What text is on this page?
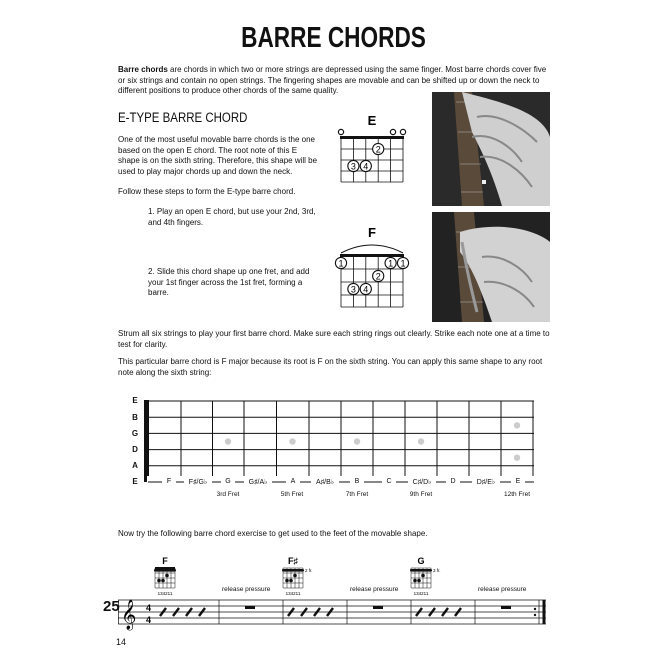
BARRE CHORDS
Barre chords are chords in which two or more strings are depressed using the same finger. Most barre chords cover five or six strings and contain no open strings. The fingering shapes are movable and can be shifted up or down the neck to different positions to produce other chords of the same quality.
E-TYPE BARRE CHORD
One of the most useful movable barre chords is the one based on the open E chord. The root note of this E shape is on the sixth string. Therefore, this shape will be used to play major chords up and down the neck.
Follow these steps to form the E-type barre chord.
1. Play an open E chord, but use your 2nd, 3rd, and 4th fingers.
2. Slide this chord shape up one fret, and add your 1st finger across the 1st fret, forming a barre.
E
2
3 4
F
1	1 1
2
3 4
Strum all six strings to play your first barre chord. Make sure each string rings out clearly. Strike each note one at a time to test for clarity.
This particular barre chord is F major because its root is F on the sixth string. You can apply this same shape to any root note along the sixth string:
E
B
G
D
A
E	F	F♯/G♭	G	G♯/A♭	A	A♯/B♭	B	C	C♯/D♭	D	D♯/E♭	E
3rd Fret	5th Fret	7th Fret	9th Fret	12th Fret
Now try the following barre chord exercise to get used to the feet of the movable shape.
F
134211
F♯
2 fr.
134211
G
3 fr.
134211
release pressure	release pressure	release pressure
25 𝄞 4
4
14
